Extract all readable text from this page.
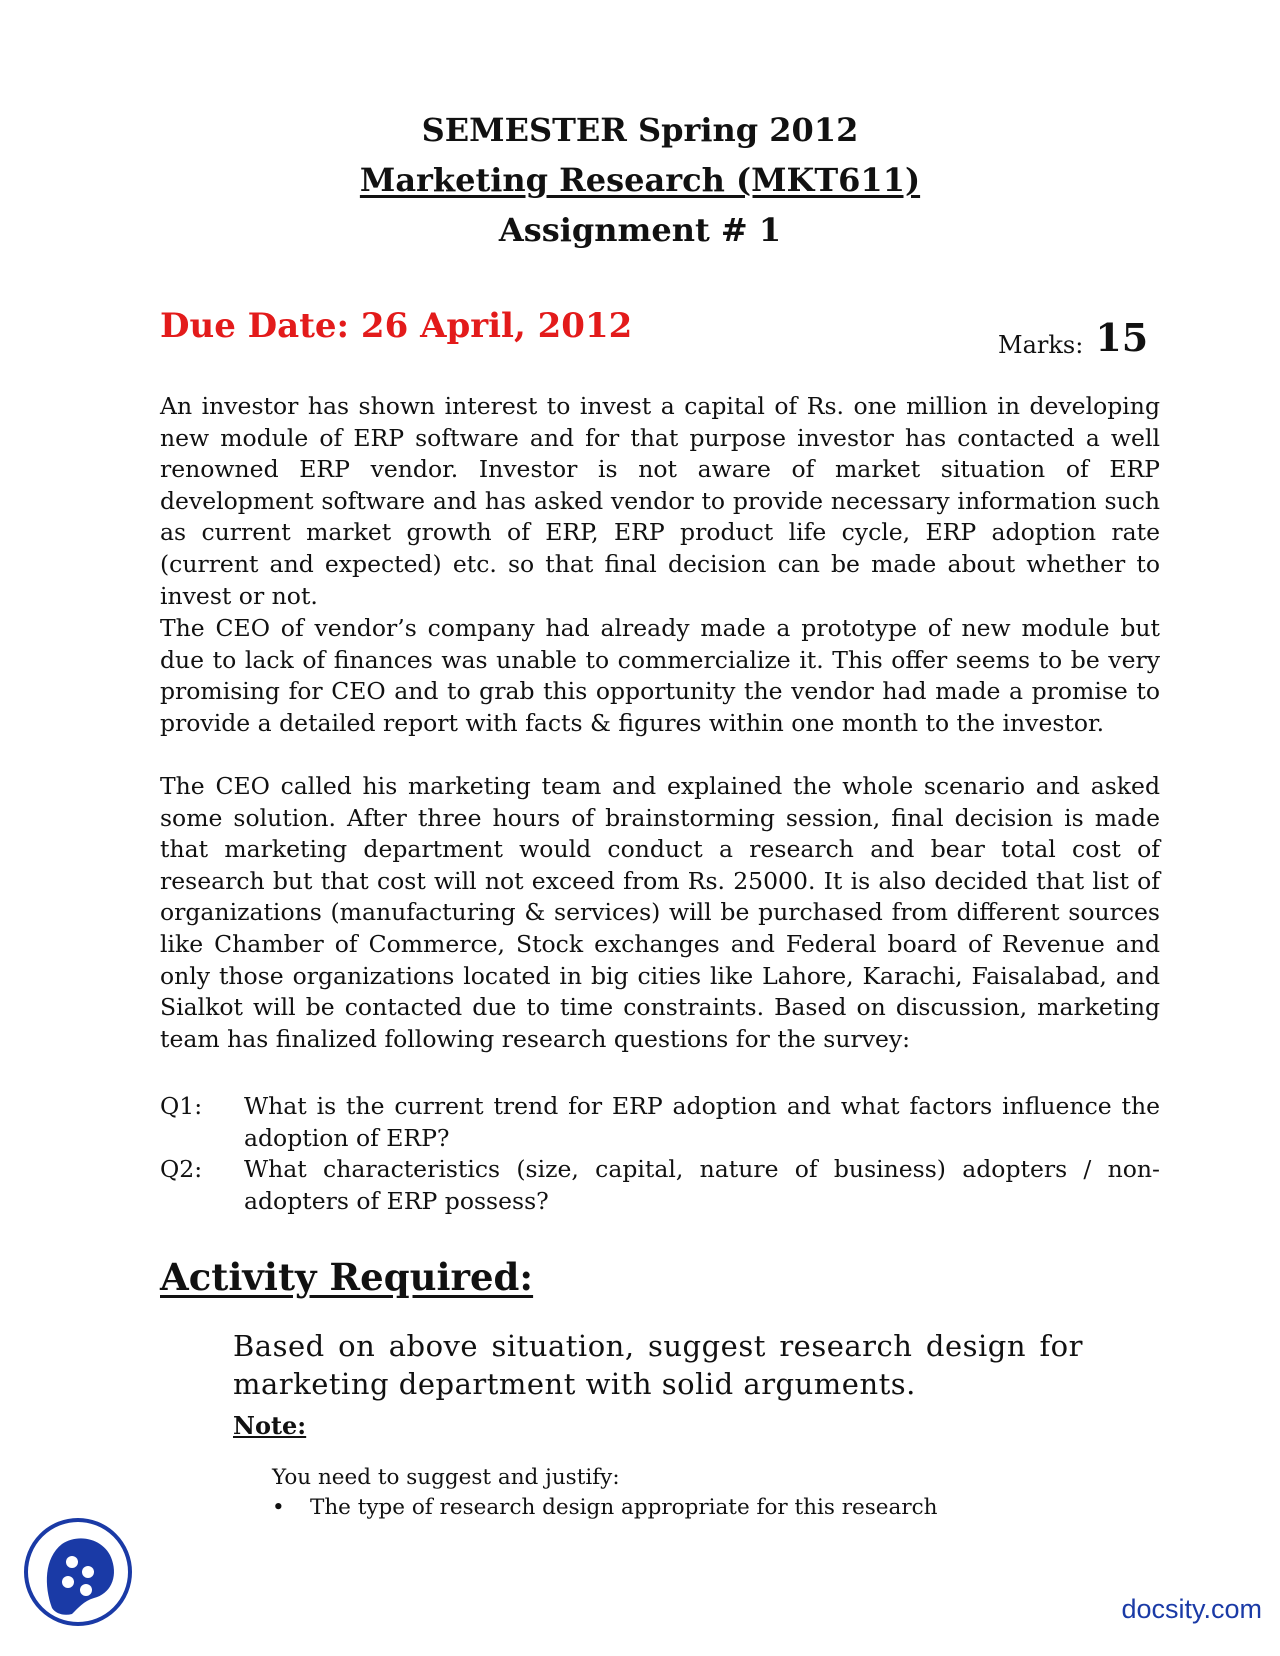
SEMESTER Spring 2012
Marketing Research (MKT611)
Assignment # 1
Due Date: 26 April, 2012	Marks: 15

An investor has shown interest to invest a capital of Rs. one million in developing new module of ERP software and for that purpose investor has contacted a well renowned ERP vendor. Investor is not aware of market situation of ERP development software and has asked vendor to provide necessary information such as current market growth of ERP, ERP product life cycle, ERP adoption rate (current and expected) etc. so that final decision can be made about whether to invest or not.

The CEO of vendor’s company had already made a prototype of new module but due to lack of finances was unable to commercialize it. This offer seems to be very promising for CEO and to grab this opportunity the vendor had made a promise to provide a detailed report with facts & figures within one month to the investor.

The CEO called his marketing team and explained the whole scenario and asked some solution. After three hours of brainstorming session, final decision is made that marketing department would conduct a research and bear total cost of research but that cost will not exceed from Rs. 25000. It is also decided that list of organizations (manufacturing & services) will be purchased from different sources like Chamber of Commerce, Stock exchanges and Federal board of Revenue and only those organizations located in big cities like Lahore, Karachi, Faisalabad, and Sialkot will be contacted due to time constraints. Based on discussion, marketing team has finalized following research questions for the survey:

Q1: What is the current trend for ERP adoption and what factors influence the adoption of ERP?
Q2: What characteristics (size, capital, nature of business) adopters / non-adopters of ERP possess?
Activity Required:

Based on above situation, suggest research design for marketing department with solid arguments.

Note:
You need to suggest and justify:
• The type of research design appropriate for this research
docsity.com
